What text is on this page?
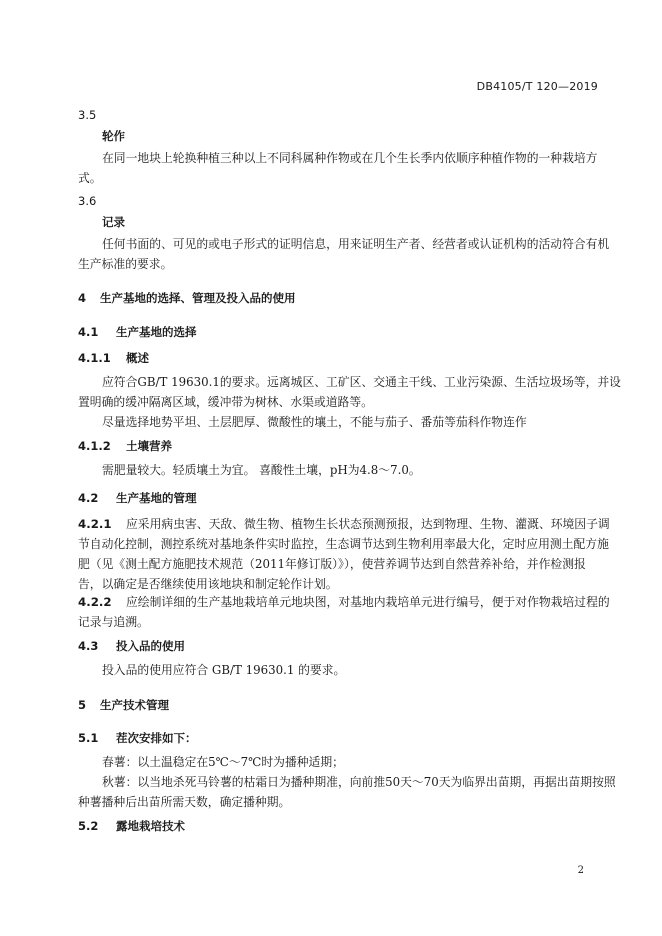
DB4105/T 120—2019
3.5
轮作
在同一地块上轮换种植三种以上不同科属种作物或在几个生长季内依顺序种植作物的一种栽培方
式。
3.6
记录
任何书面的、可见的或电子形式的证明信息，用来证明生产者、经营者或认证机构的活动符合有机
生产标准的要求。
4 生产基地的选择、管理及投入品的使用
4.1 生产基地的选择
4.1.1 概述
应符合GB/T 19630.1的要求。远离城区、工矿区、交通主干线、工业污染源、生活垃圾场等，并设
置明确的缓冲隔离区域，缓冲带为树林、水渠或道路等。
尽量选择地势平坦、土层肥厚、微酸性的壤土，不能与茄子、番茄等茄科作物连作
4.1.2 土壤营养
需肥量较大。轻质壤土为宜。 喜酸性土壤，pH为4.8～7.0。
4.2 生产基地的管理
4.2.1 应采用病虫害、天敌、微生物、植物生长状态预测预报，达到物理、生物、灌溉、环境因子调
节自动化控制，测控系统对基地条件实时监控，生态调节达到生物利用率最大化，定时应用测土配方施
肥（见《测土配方施肥技术规范（2011年修订版）》），使营养调节达到自然营养补给，并作检测报
告，以确定是否继续使用该地块和制定轮作计划。
4.2.2 应绘制详细的生产基地栽培单元地块图，对基地内栽培单元进行编号，便于对作物栽培过程的
记录与追溯。
4.3 投入品的使用
投入品的使用应符合 GB/T 19630.1 的要求。
5 生产技术管理
5.1 茬次安排如下：
春薯：以土温稳定在5℃～7℃时为播种适期；
秋薯：以当地杀死马铃薯的枯霜日为播种期准，向前推50天～70天为临界出苗期，再据出苗期按照
种薯播种后出苗所需天数，确定播种期。
5.2 露地栽培技术
2
